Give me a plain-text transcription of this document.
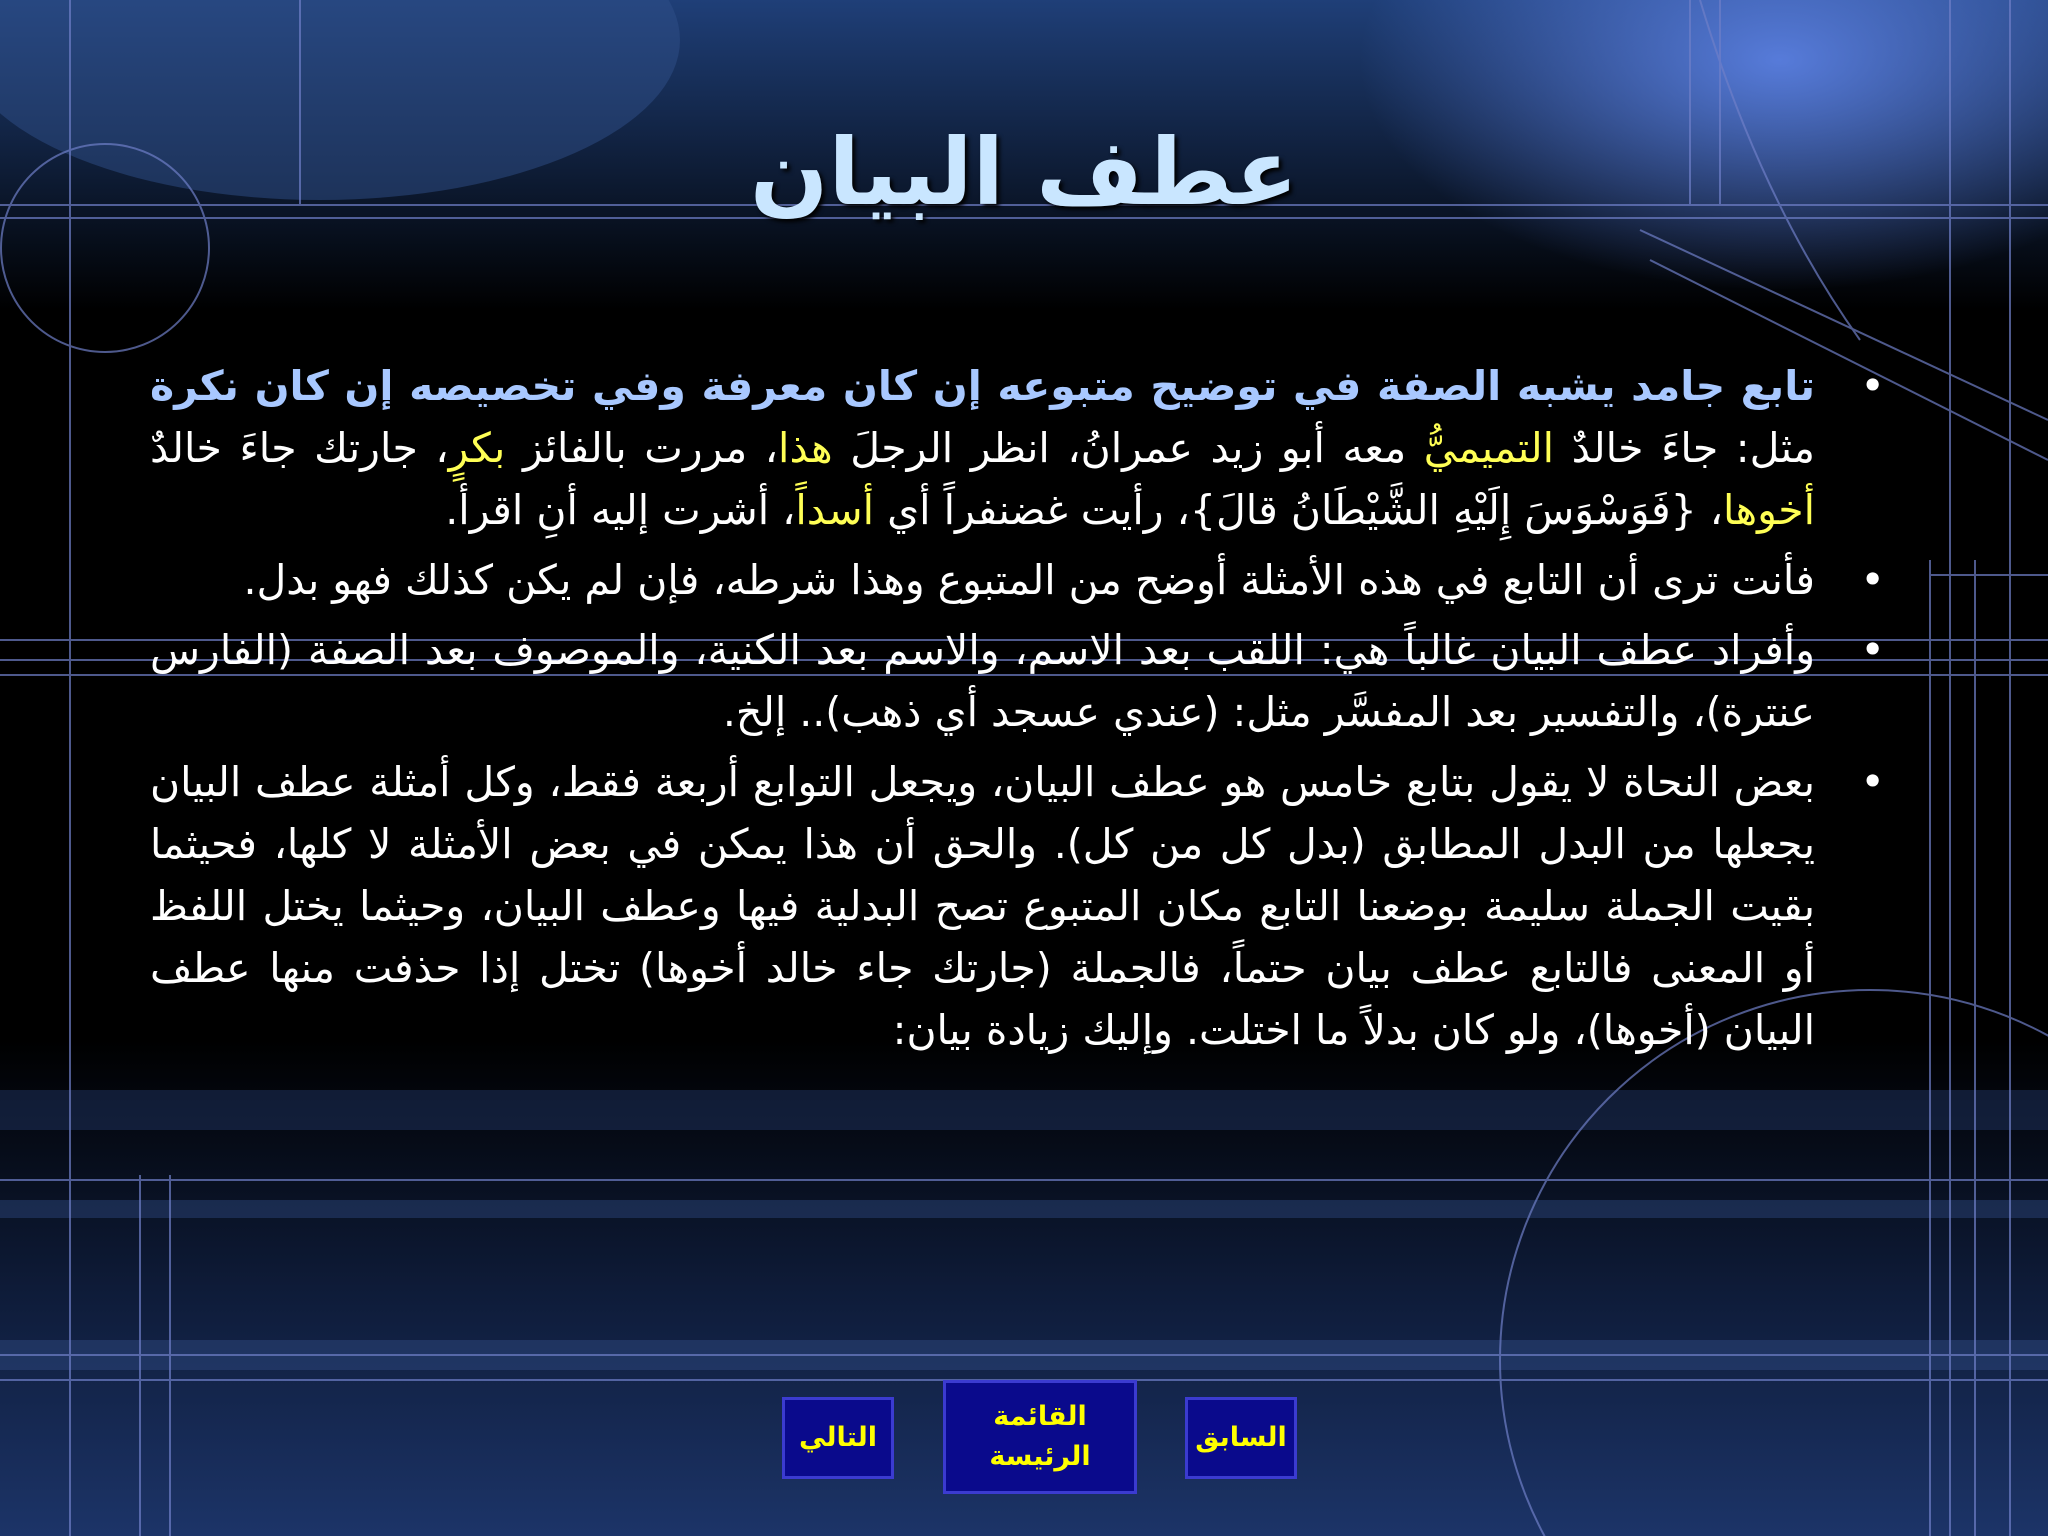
عطف البيان
• تابع جامد يشبه الصفة في توضيح متبوعه إن كان معرفة وفي تخصيصه إن كان نكرة مثل: جاءَ خالدٌ التميميُّ معه أبو زيد عمرانُ، انظر الرجلَ هذا، مررت بالفائز بكرٍ، جارتك جاءَ خالدٌ أخوها، {فَوَسْوَسَ إِلَيْهِ الشَّيْطَانُ قالَ}، رأيت غضنفراً أي أسداً، أشرت إليه أنِ اقرأ.
• فأنت ترى أن التابع في هذه الأمثلة أوضح من المتبوع وهذا شرطه، فإن لم يكن كذلك فهو بدل.
• وأفراد عطف البيان غالباً هي: اللقب بعد الاسم، والاسم بعد الكنية، والموصوف بعد الصفة (الفارس عنترة)، والتفسير بعد المفسَّر مثل: (عندي عسجد أي ذهب).. إلخ.
• بعض النحاة لا يقول بتابع خامس هو عطف البيان، ويجعل التوابع أربعة فقط، وكل أمثلة عطف البيان يجعلها من البدل المطابق (بدل كل من كل). والحق أن هذا يمكن في بعض الأمثلة لا كلها، فحيثما بقيت الجملة سليمة بوضعنا التابع مكان المتبوع تصح البدلية فيها وعطف البيان، وحيثما يختل اللفظ أو المعنى فالتابع عطف بيان حتماً، فالجملة (جارتك جاء خالد أخوها) تختل إذا حذفت منها عطف البيان (أخوها)، ولو كان بدلاً ما اختلت. وإليك زيادة بيان:
التالي
القائمة الرئيسة
السابق
